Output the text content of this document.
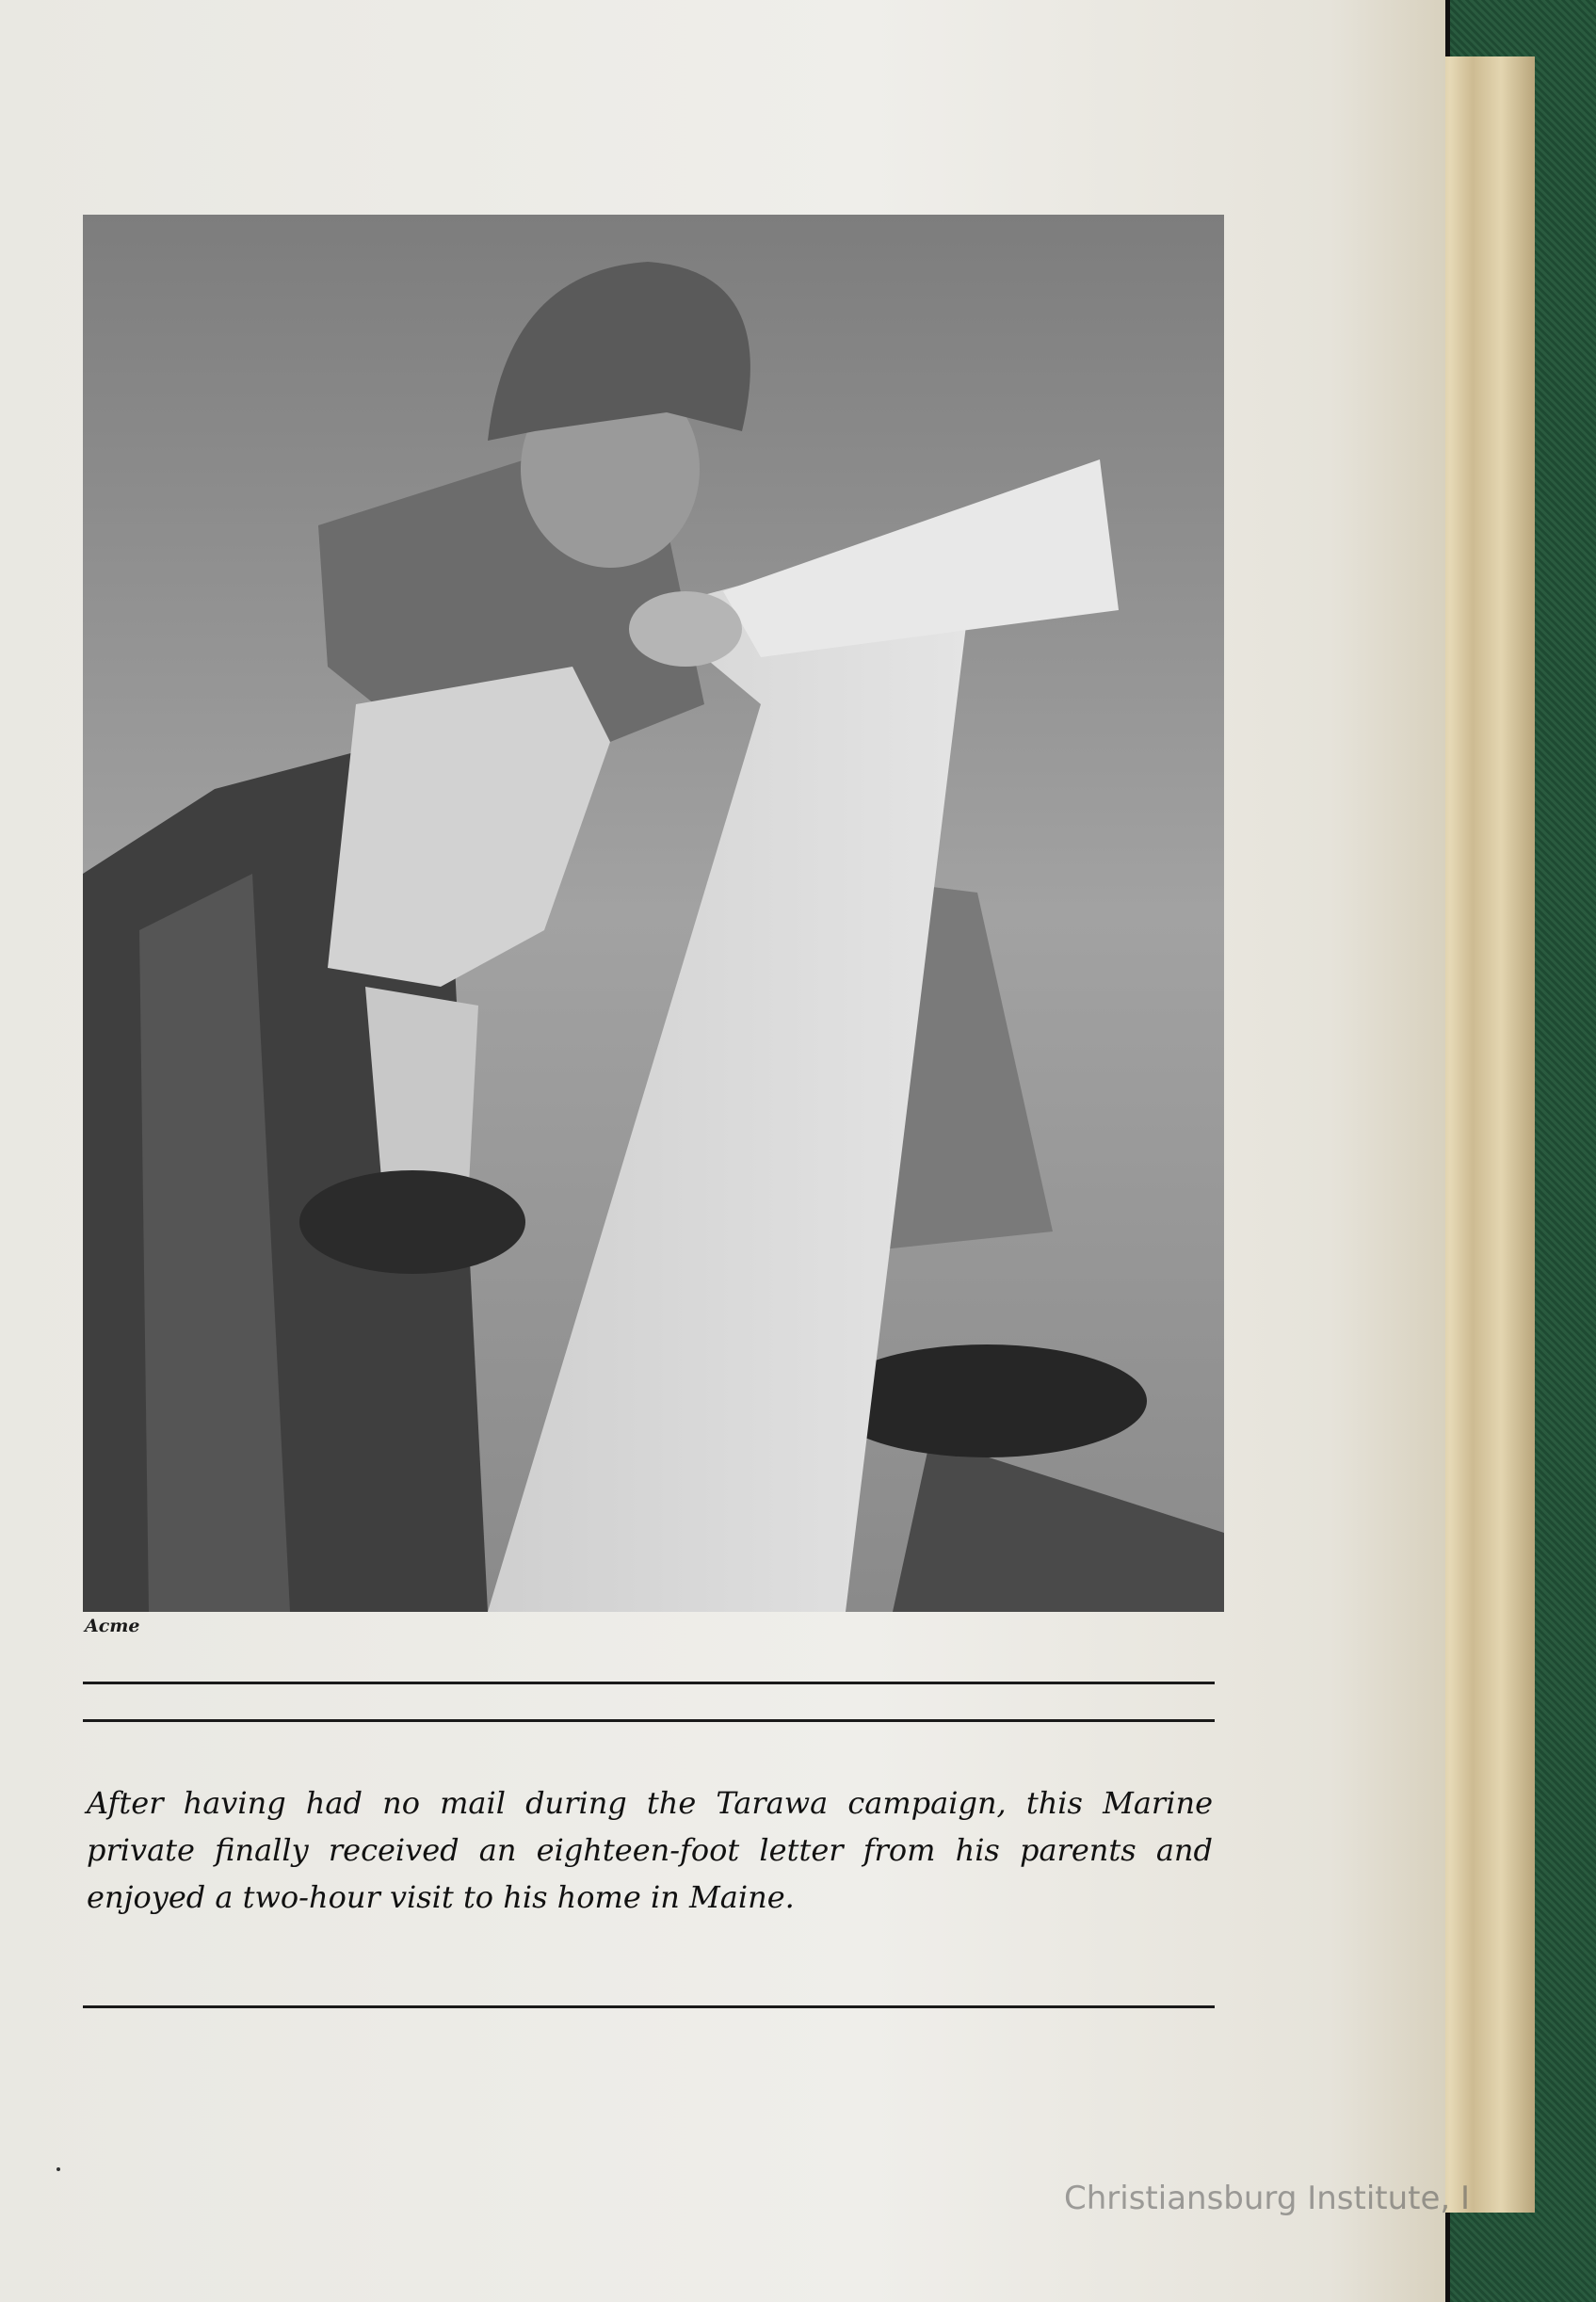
Acme
After having had no mail during the Tarawa campaign, this Marine private finally received an eighteen-foot letter from his parents and enjoyed a two-hour visit to his home in Maine.
Christiansburg Institute, I
